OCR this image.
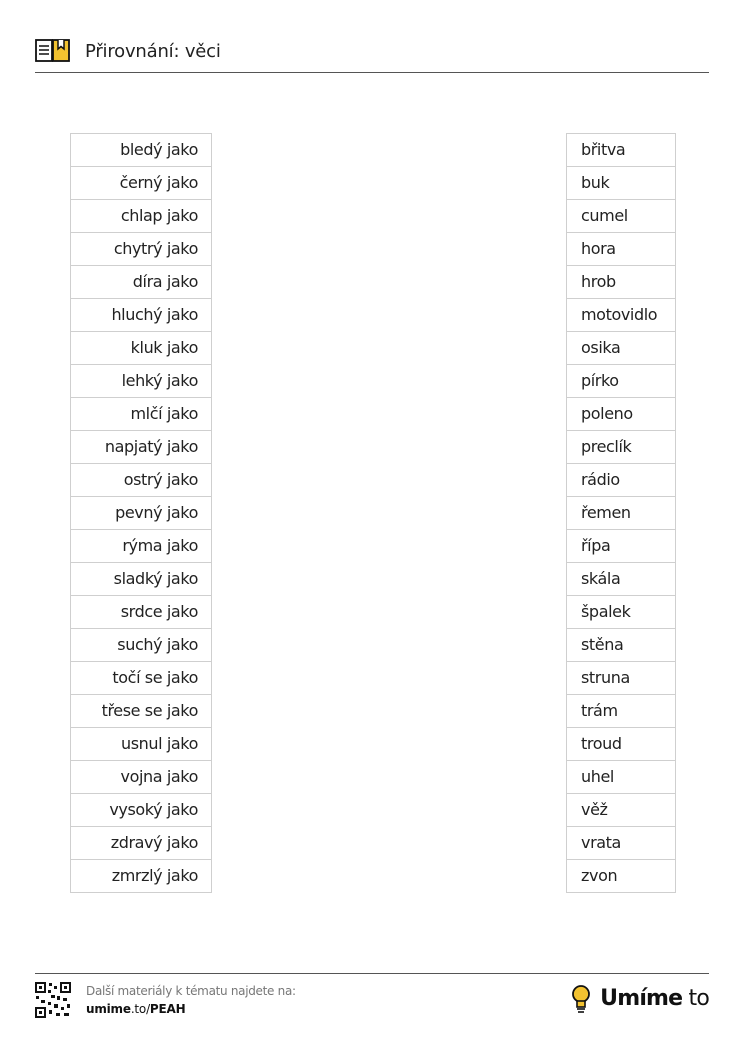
Přirovnání: věci
bledý jako
černý jako
chlap jako
chytrý jako
díra jako
hluchý jako
kluk jako
lehký jako
mlčí jako
napjatý jako
ostrý jako
pevný jako
rýma jako
sladký jako
srdce jako
suchý jako
točí se jako
třese se jako
usnul jako
vojna jako
vysoký jako
zdravý jako
zmrzlý jako
břitva
buk
cumel
hora
hrob
motovidlo
osika
pírko
poleno
preclík
rádio
řemen
řípa
skála
špalek
stěna
struna
trám
troud
uhel
věž
vrata
zvon
Další materiály k tématu najdete na:
umime.to/PEAH	Umíme to
